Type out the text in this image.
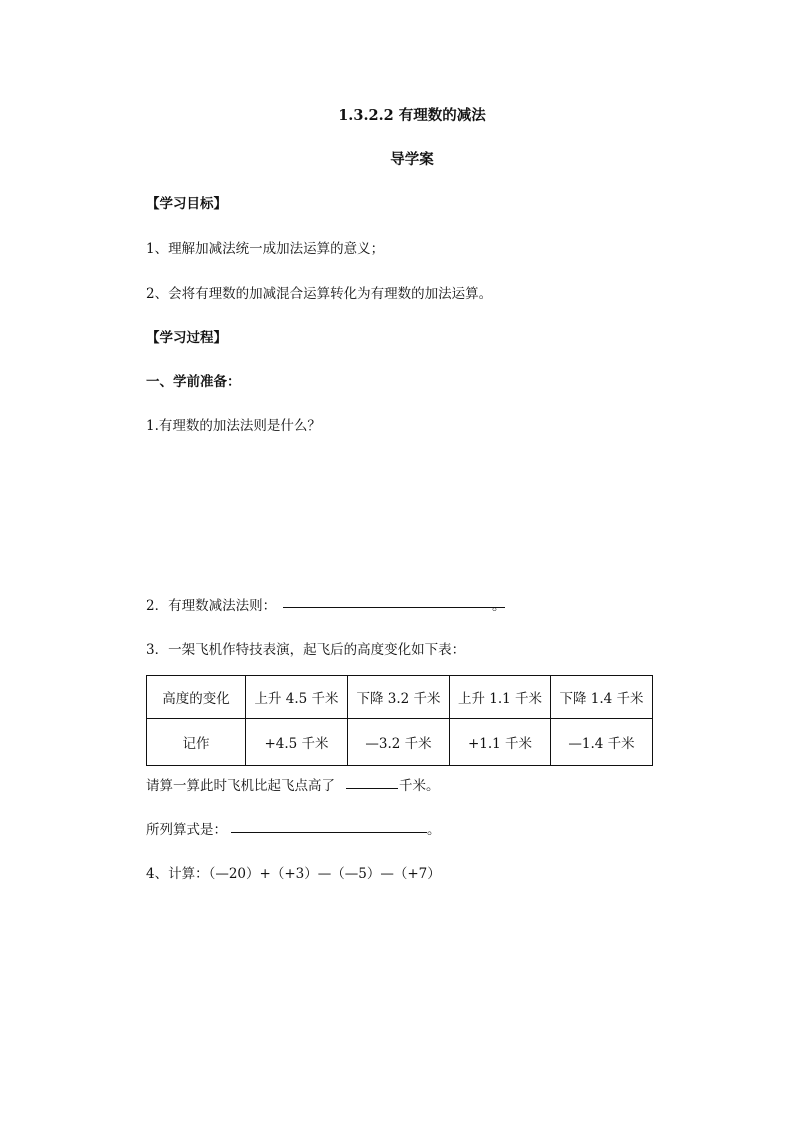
1.3.2.2 有理数的减法
导学案
【学习目标】
1、理解加减法统一成加法运算的意义；
2、会将有理数的加减混合运算转化为有理数的加法运算。
【学习过程】
一、学前准备：
1.有理数的加法法则是什么？
2．有理数减法法则：	。
3．一架飞机作特技表演，起飞后的高度变化如下表：
高度的变化	上升 4.5 千米	下降 3.2 千米	上升 1.1 千米	下降 1.4 千米
记作	+4.5 千米	—3.2 千米	+1.1 千米	—1.4 千米
请算一算此时飞机比起飞点高了	千米。
所列算式是：	。
4、计算：（—20）+（+3）—（—5）—（+7）
